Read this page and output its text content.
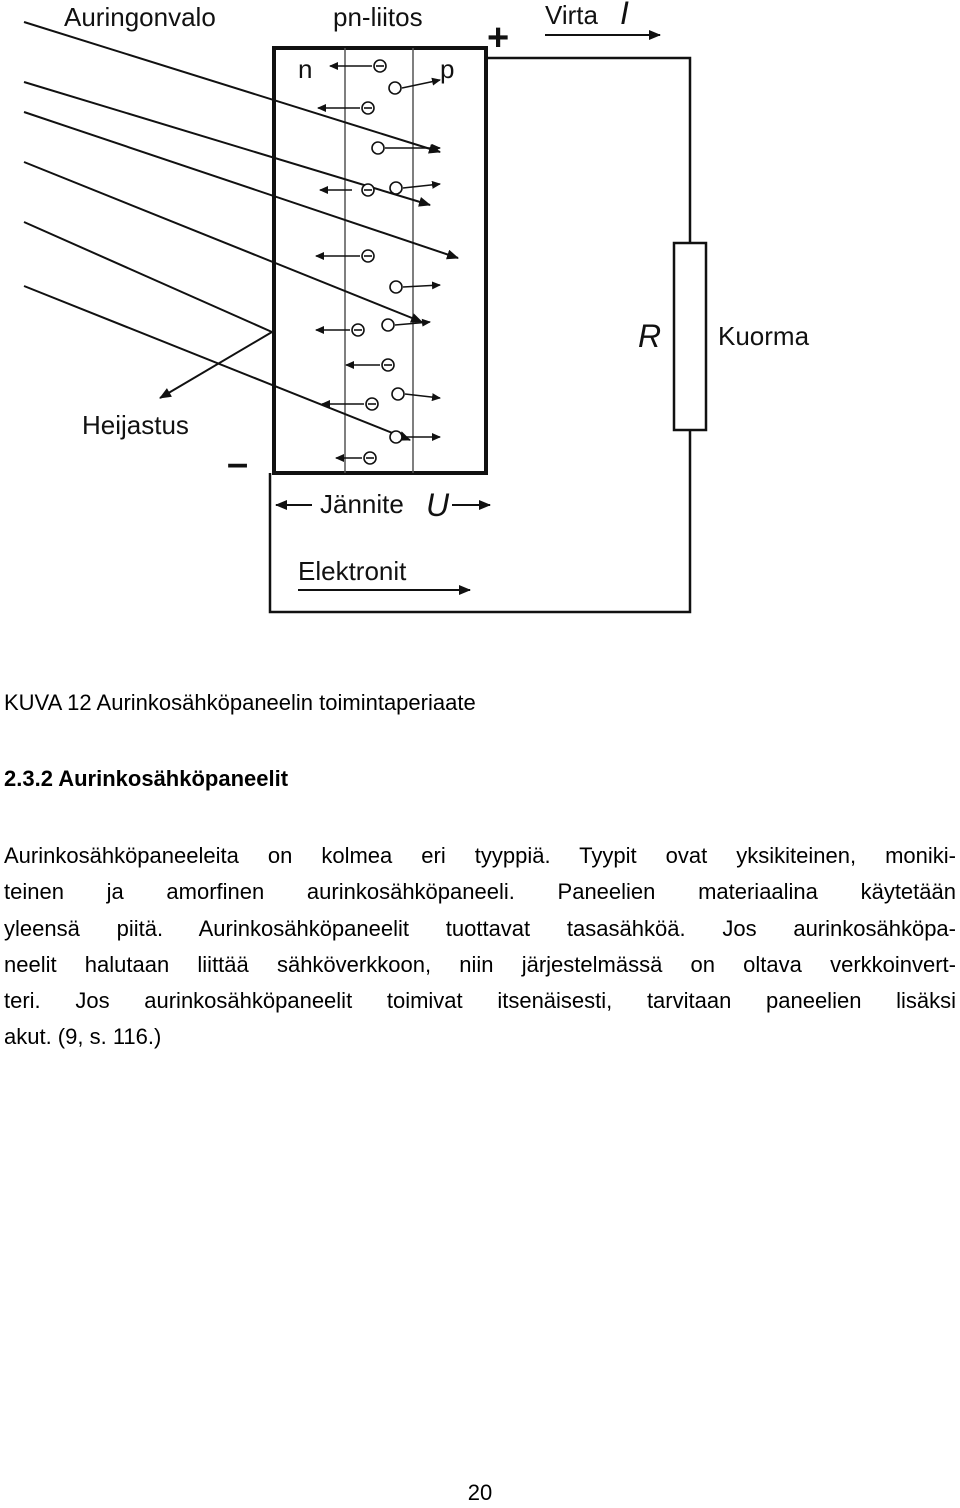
Auringonvalo	pn-liitos	Virta I
+
–
n	p
R Kuorma
Heijastus
Jännite U
Elektronit

KUVA 12 Aurinkosähköpaneelin toimintaperiaate

2.3.2 Aurinkosähköpaneelit

Aurinkosähköpaneeleita on kolmea eri tyyppiä. Tyypit ovat yksikiteinen, moniki-
teinen ja amorfinen aurinkosähköpaneeli. Paneelien materiaalina käytetään
yleensä piitä. Aurinkosähköpaneelit tuottavat tasasähköä. Jos aurinkosähköpa-
neelit halutaan liittää sähköverkkoon, niin järjestelmässä on oltava verkkoinvert-
teri. Jos aurinkosähköpaneelit toimivat itsenäisesti, tarvitaan paneelien lisäksi
akut. (9, s. 116.)

20
